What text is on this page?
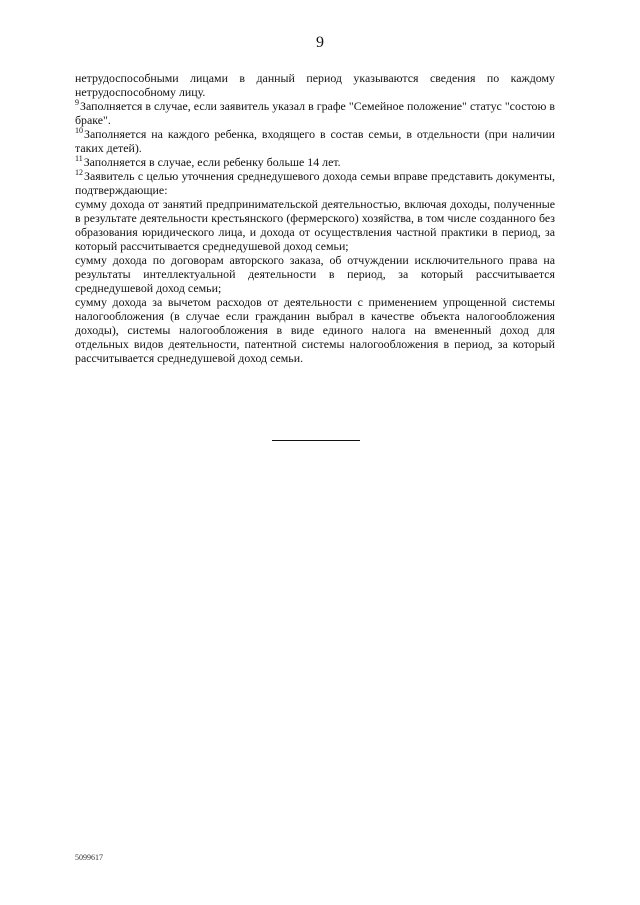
9

нетрудоспособными лицами в данный период указываются сведения по каждому нетрудоспособному лицу.

$^9$Заполняется в случае, если заявитель указал в графе "Семейное положение" статус "состою в браке".

$^{10}$Заполняется на каждого ребенка, входящего в состав семьи, в отдельности (при наличии таких детей).

$^{11}$Заполняется в случае, если ребенку больше 14 лет.

$^{12}$Заявитель с целью уточнения среднедушевого дохода семьи вправе представить документы, подтверждающие:

сумму дохода от занятий предпринимательской деятельностью, включая доходы, полученные в результате деятельности крестьянского (фермерского) хозяйства, в том числе созданного без образования юридического лица, и дохода от осуществления частной практики в период, за который рассчитывается среднедушевой доход семьи;

сумму дохода по договорам авторского заказа, об отчуждении исключительного права на результаты интеллектуальной деятельности в период, за который рассчитывается среднедушевой доход семьи;

сумму дохода за вычетом расходов от деятельности с применением упрощенной системы налогообложения (в случае если гражданин выбрал в качестве объекта налогообложения доходы), системы налогообложения в виде единого налога на вмененный доход для отдельных видов деятельности, патентной системы налогообложения в период, за который рассчитывается среднедушевой доход семьи.

5099617
